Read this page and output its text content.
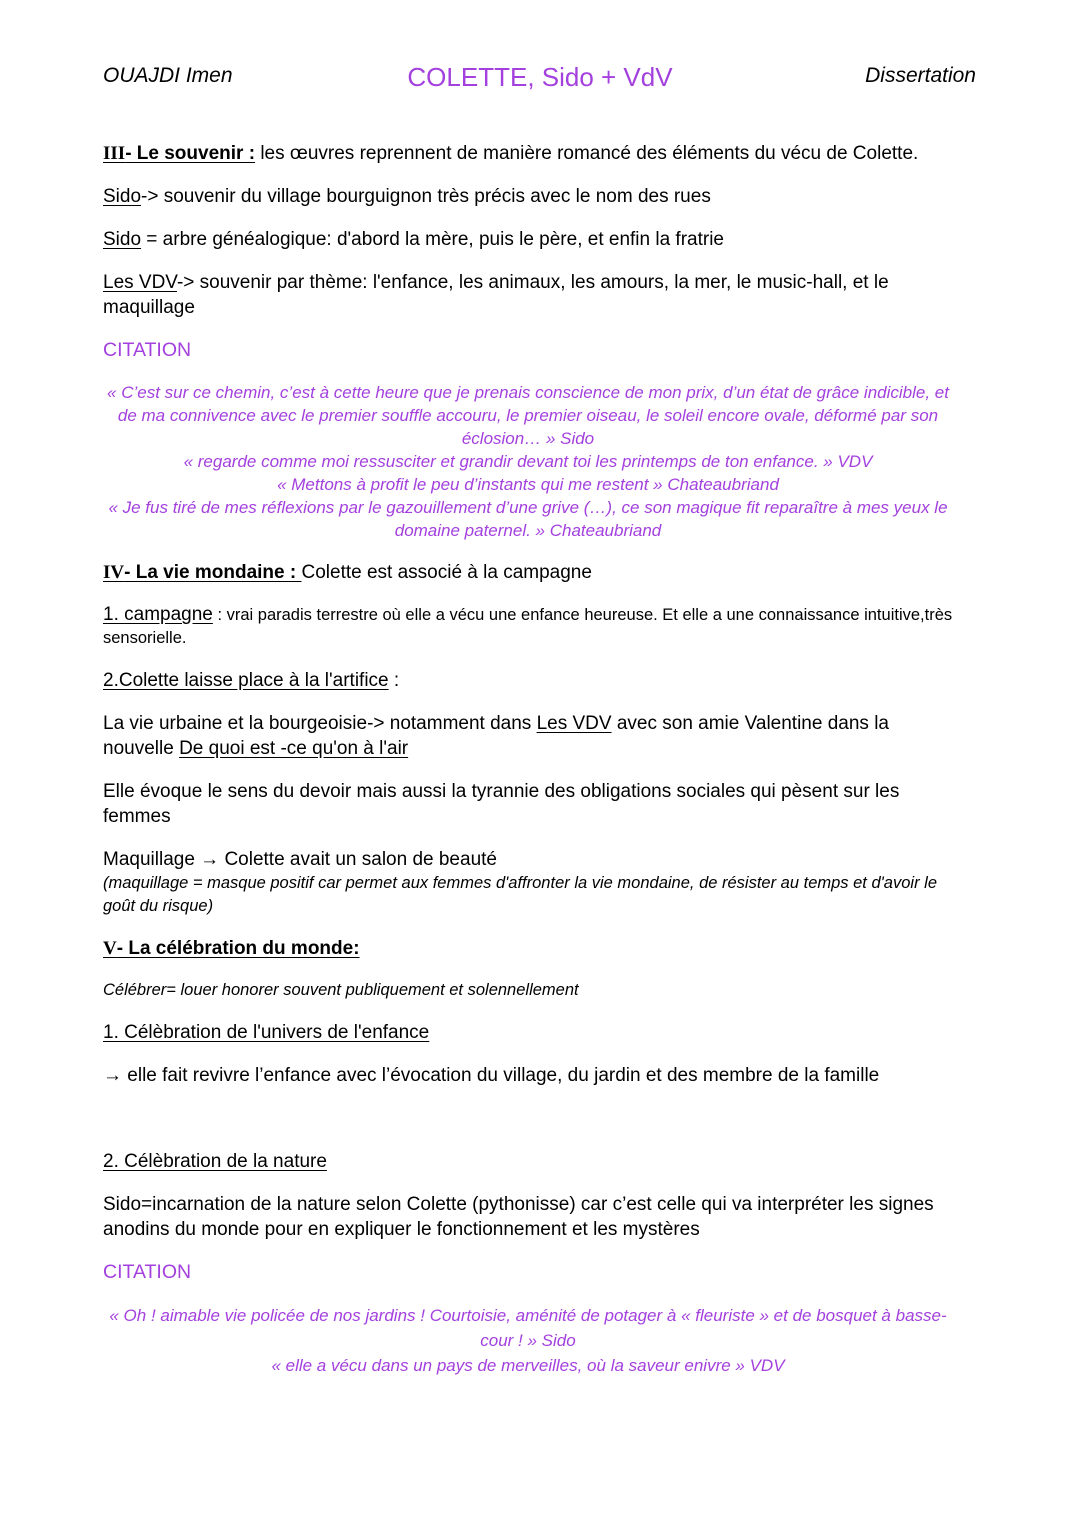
OUAJDI Imen	COLETTE, Sido + VdV	Dissertation

III- Le souvenir : les œuvres reprennent de manière romancé des éléments du vécu de Colette.

Sido-> souvenir du village bourguignon très précis avec le nom des rues

Sido = arbre généalogique: d'abord la mère, puis le père, et enfin la fratrie

Les VDV-> souvenir par thème: l'enfance, les animaux, les amours, la mer, le music-hall, et le maquillage

CITATION

« C’est sur ce chemin, c’est à cette heure que je prenais conscience de mon prix, d’un état de grâce indicible, et de ma connivence avec le premier souffle accouru, le premier oiseau, le soleil encore ovale, déformé par son éclosion… » Sido
« regarde comme moi ressusciter et grandir devant toi les printemps de ton enfance. » VDV
« Mettons à profit le peu d’instants qui me restent » Chateaubriand
« Je fus tiré de mes réflexions par le gazouillement d’une grive (…), ce son magique fit reparaître à mes yeux le domaine paternel. » Chateaubriand

IV- La vie mondaine : Colette est associé à la campagne

1. campagne : vrai paradis terrestre où elle a vécu une enfance heureuse. Et elle a une connaissance intuitive,très sensorielle.

2.Colette laisse place à la l'artifice :

La vie urbaine et la bourgeoisie-> notamment dans Les VDV avec son amie Valentine dans la nouvelle De quoi est -ce qu'on à l'air

Elle évoque le sens du devoir mais aussi la tyrannie des obligations sociales qui pèsent sur les femmes

Maquillage → Colette avait un salon de beauté

(maquillage = masque positif car permet aux femmes d'affronter la vie mondaine, de résister au temps et d'avoir le goût du risque)

V- La célébration du monde:

Célébrer= louer honorer souvent publiquement et solennellement

1. Célèbration de l'univers de l'enfance

→ elle fait revivre l’enfance avec l’évocation du village, du jardin et des membre de la famille

2. Célèbration de la nature

Sido=incarnation de la nature selon Colette (pythonisse) car c’est celle qui va interpréter les signes anodins du monde pour en expliquer le fonctionnement et les mystères

CITATION

« Oh ! aimable vie policée de nos jardins ! Courtoisie, aménité de potager à « fleuriste » et de bosquet à basse-cour ! » Sido
« elle a vécu dans un pays de merveilles, où la saveur enivre » VDV
